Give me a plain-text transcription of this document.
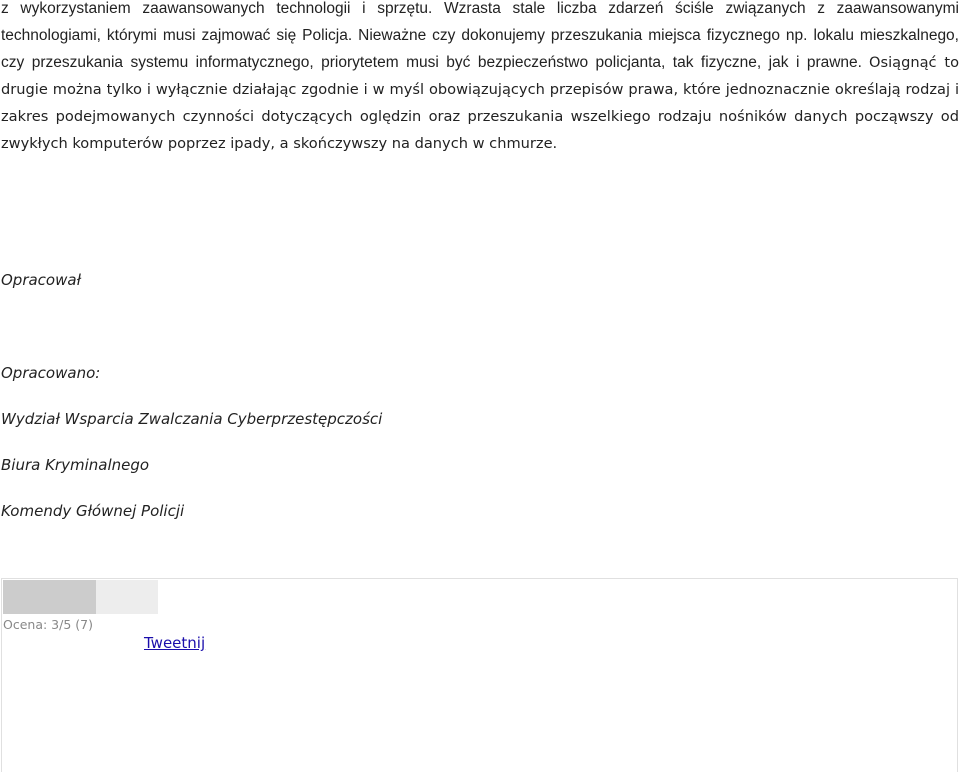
z wykorzystaniem zaawansowanych technologii i sprzętu. Wzrasta stale liczba zdarzeń ściśle związanych z zaawansowanymi technologiami, którymi musi zajmować się Policja. Nieważne czy dokonujemy przeszukania miejsca fizycznego np. lokalu mieszkalnego, czy przeszukania systemu informatycznego, priorytetem musi być bezpieczeństwo policjanta, tak fizyczne, jak i prawne. Osiągnąć to drugie można tylko i wyłącznie działając zgodnie i w myśl obowiązujących przepisów prawa, które jednoznacznie określają rodzaj i zakres podejmowanych czynności dotyczących oględzin oraz przeszukania wszelkiego rodzaju nośników danych począwszy od zwykłych komputerów poprzez ipady, a skończywszy na danych w chmurze.

Opracował
Opracowano:
Wydział Wsparcia Zwalczania Cyberprzestępczości
Biura Kryminalnego
Komendy Głównej Policji
Ocena: 3/5 (7)
Tweetnij
